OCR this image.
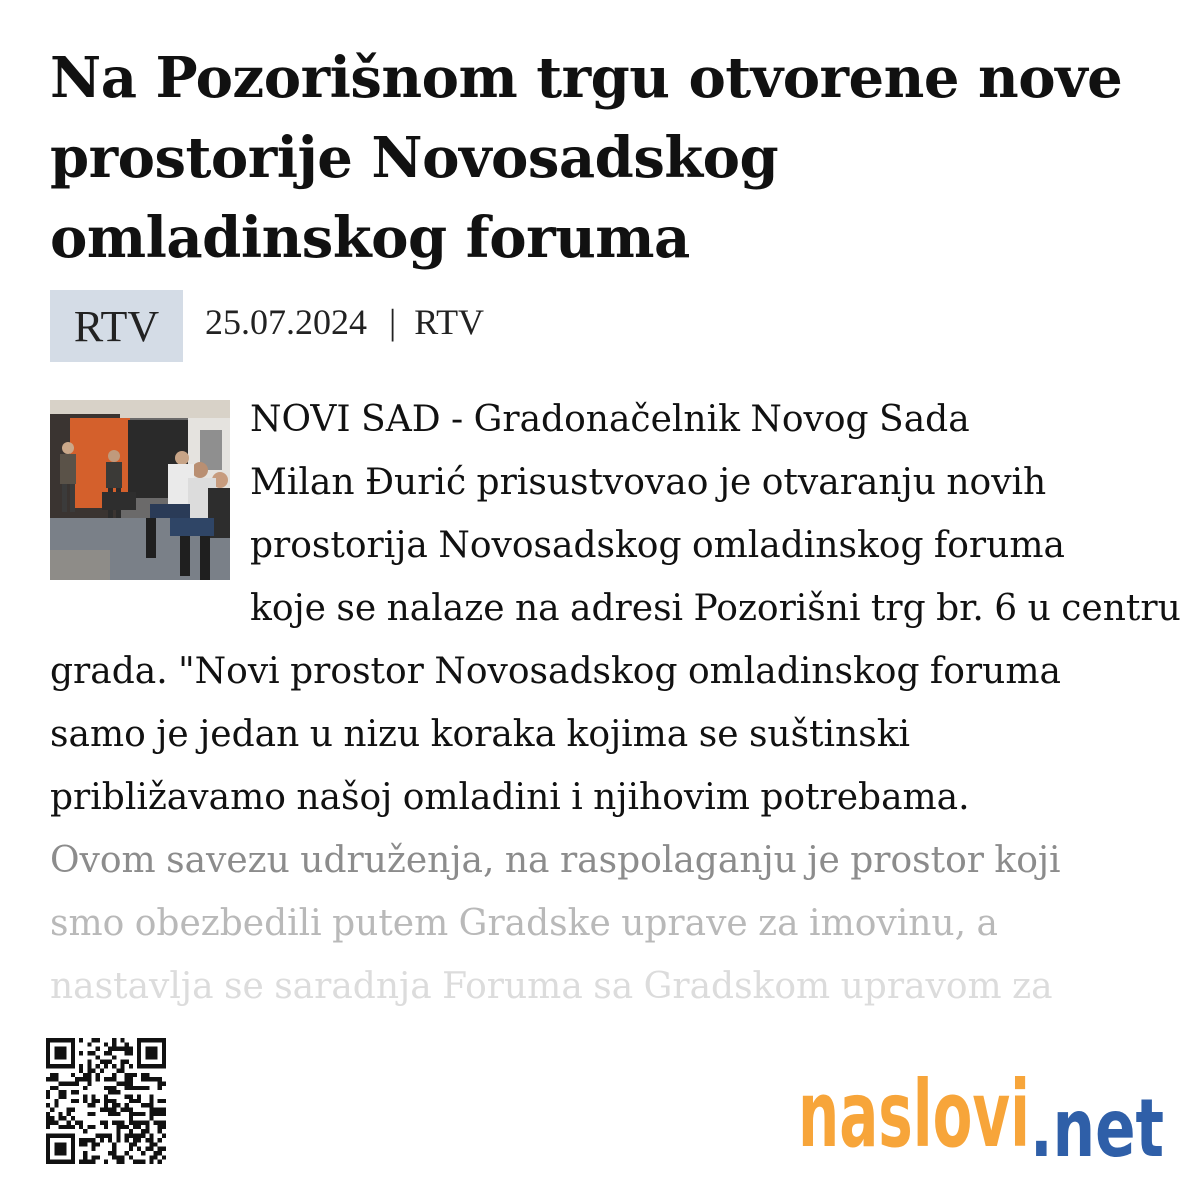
Na Pozorišnom trgu otvorene nove prostorije Novosadskog omladinskog foruma
RTV	25.07.2024 | RTV
NOVI SAD - Gradonačelnik Novog Sada
Milan Đurić prisustvovao je otvaranju novih
prostorija Novosadskog omladinskog foruma
koje se nalaze na adresi Pozorišni trg br. 6 u centru
grada. "Novi prostor Novosadskog omladinskog foruma
samo je jedan u nizu koraka kojima se suštinski
približavamo našoj omladini i njihovim potrebama.
Ovom savezu udruženja, na raspolaganju je prostor koji
smo obezbedili putem Gradske uprave za imovinu, a
nastavlja se saradnja Foruma sa Gradskom upravom za
naslovi .net
